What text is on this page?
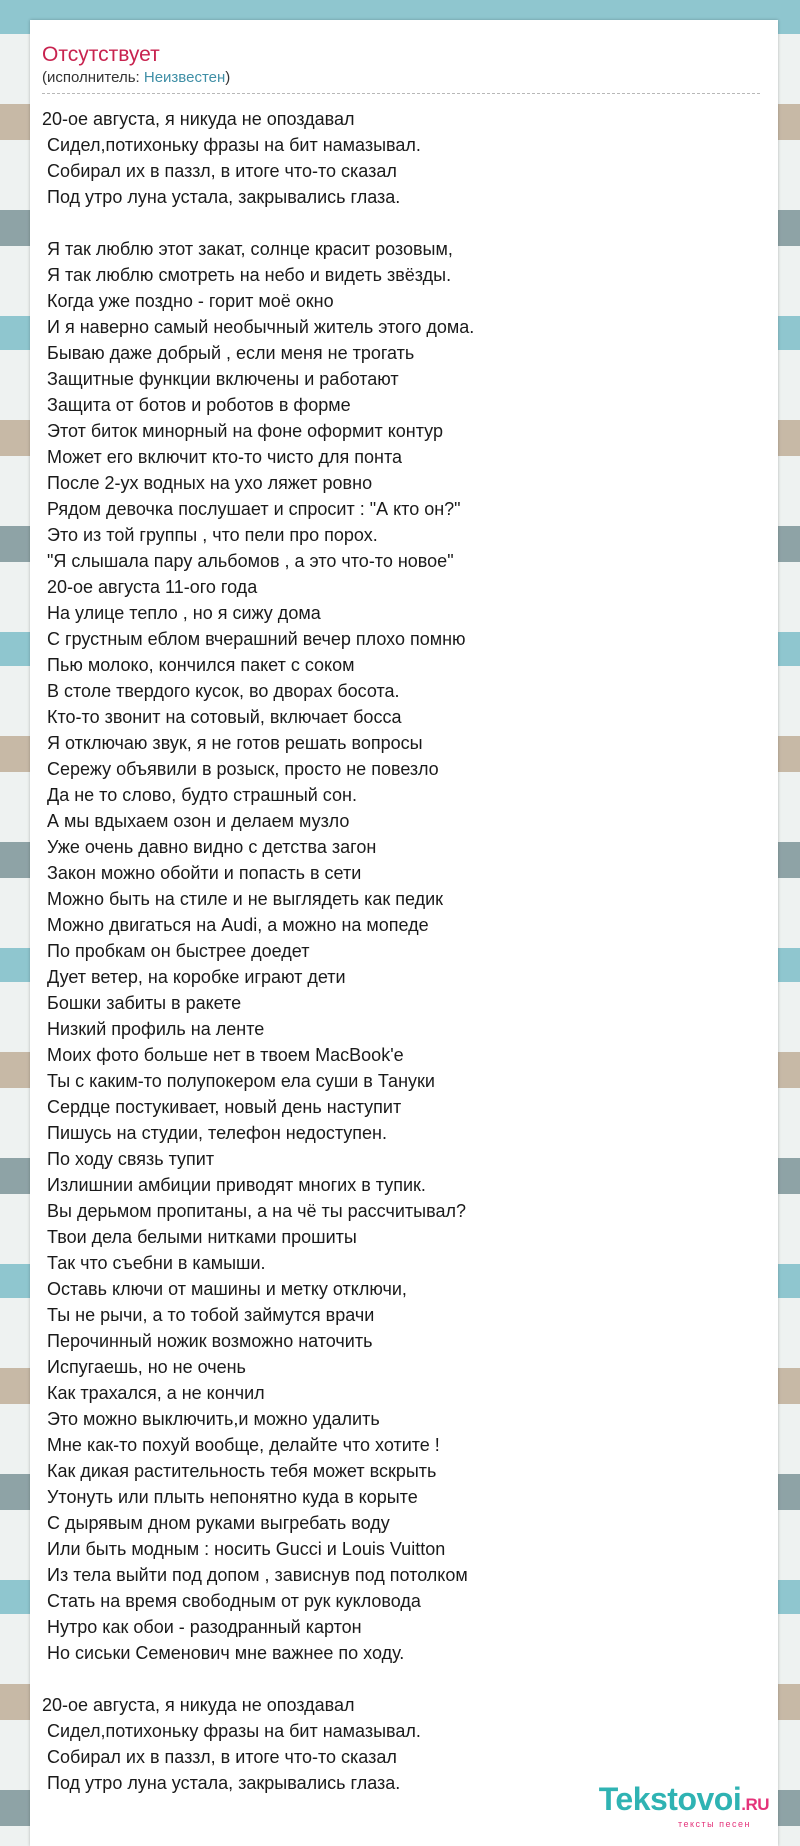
Отсутствует
(исполнитель: Неизвестен)
20-ое августа, я никуда не опоздавал
Сидел,потихоньку фразы на бит намазывал.
Собирал их в паззл, в итоге что-то сказал
Под утро луна устала, закрывались глаза.
Я так люблю этот закат, солнце красит розовым,
Я так люблю смотреть на небо и видеть звёзды.
Когда уже поздно - горит моё окно
И я наверно самый необычный житель этого дома.
Бываю даже добрый , если меня не трогать
Защитные функции включены и работают
Защита от ботов и роботов в форме
Этот биток минорный на фоне оформит контур
Может его включит кто-то чисто для понта
После 2-ух водных на ухо ляжет ровно
Рядом девочка послушает и спросит : "А кто он?"
Это из той группы , что пели про порох.
"Я слышала пару альбомов , а это что-то новое"
20-ое августа 11-ого года
На улице тепло , но я сижу дома
С грустным еблом вчерашний вечер плохо помню
Пью молоко, кончился пакет с соком
В столе твердого кусок, во дворах босота.
Кто-то звонит на сотовый, включает босса
Я отключаю звук, я не готов решать вопросы
Сережу объявили в розыск, просто не повезло
Да не то слово, будто страшный сон.
А мы вдыхаем озон и делаем музло
Уже очень давно видно с детства загон
Закон можно обойти и попасть в сети
Можно быть на стиле и не выглядеть как педик
Можно двигаться на Audi, а можно на мопеде
По пробкам он быстрее доедет
Дует ветер, на коробке играют дети
Бошки забиты в ракете
Низкий профиль на ленте
Моих фото больше нет в твоем MacBook'e
Ты с каким-то полупокером ела суши в Тануки
Сердце постукивает, новый день наступит
Пишусь на студии, телефон недоступен.
По ходу связь тупит
Излишнии амбиции приводят многих в тупик.
Вы дерьмом пропитаны, а на чё ты рассчитывал?
Твои дела белыми нитками прошиты
Так что съебни в камыши.
Оставь ключи от машины и метку отключи,
Ты не рычи, а то тобой займутся врачи
Перочинный ножик возможно наточить
Испугаешь, но не очень
Как трахался, а не кончил
Это можно выключить,и можно удалить
Мне как-то похуй вообще, делайте что хотите !
Как дикая растительность тебя может вскрыть
Утонуть или плыть непонятно куда в корыте
С дырявым дном руками выгребать воду
Или быть модным : носить Gucci и Louis Vuitton
Из тела выйти под допом , зависнув под потолком
Стать на время свободным от рук кукловода
Нутро как обои - разодранный картон
Но сиськи Семенович мне важнее по ходу.
20-ое августа, я никуда не опоздавал
Сидел,потихоньку фразы на бит намазывал.
Собирал их в паззл, в итоге что-то сказал
Под утро луна устала, закрывались глаза.	Tekstovoi.RU
тексты песен
